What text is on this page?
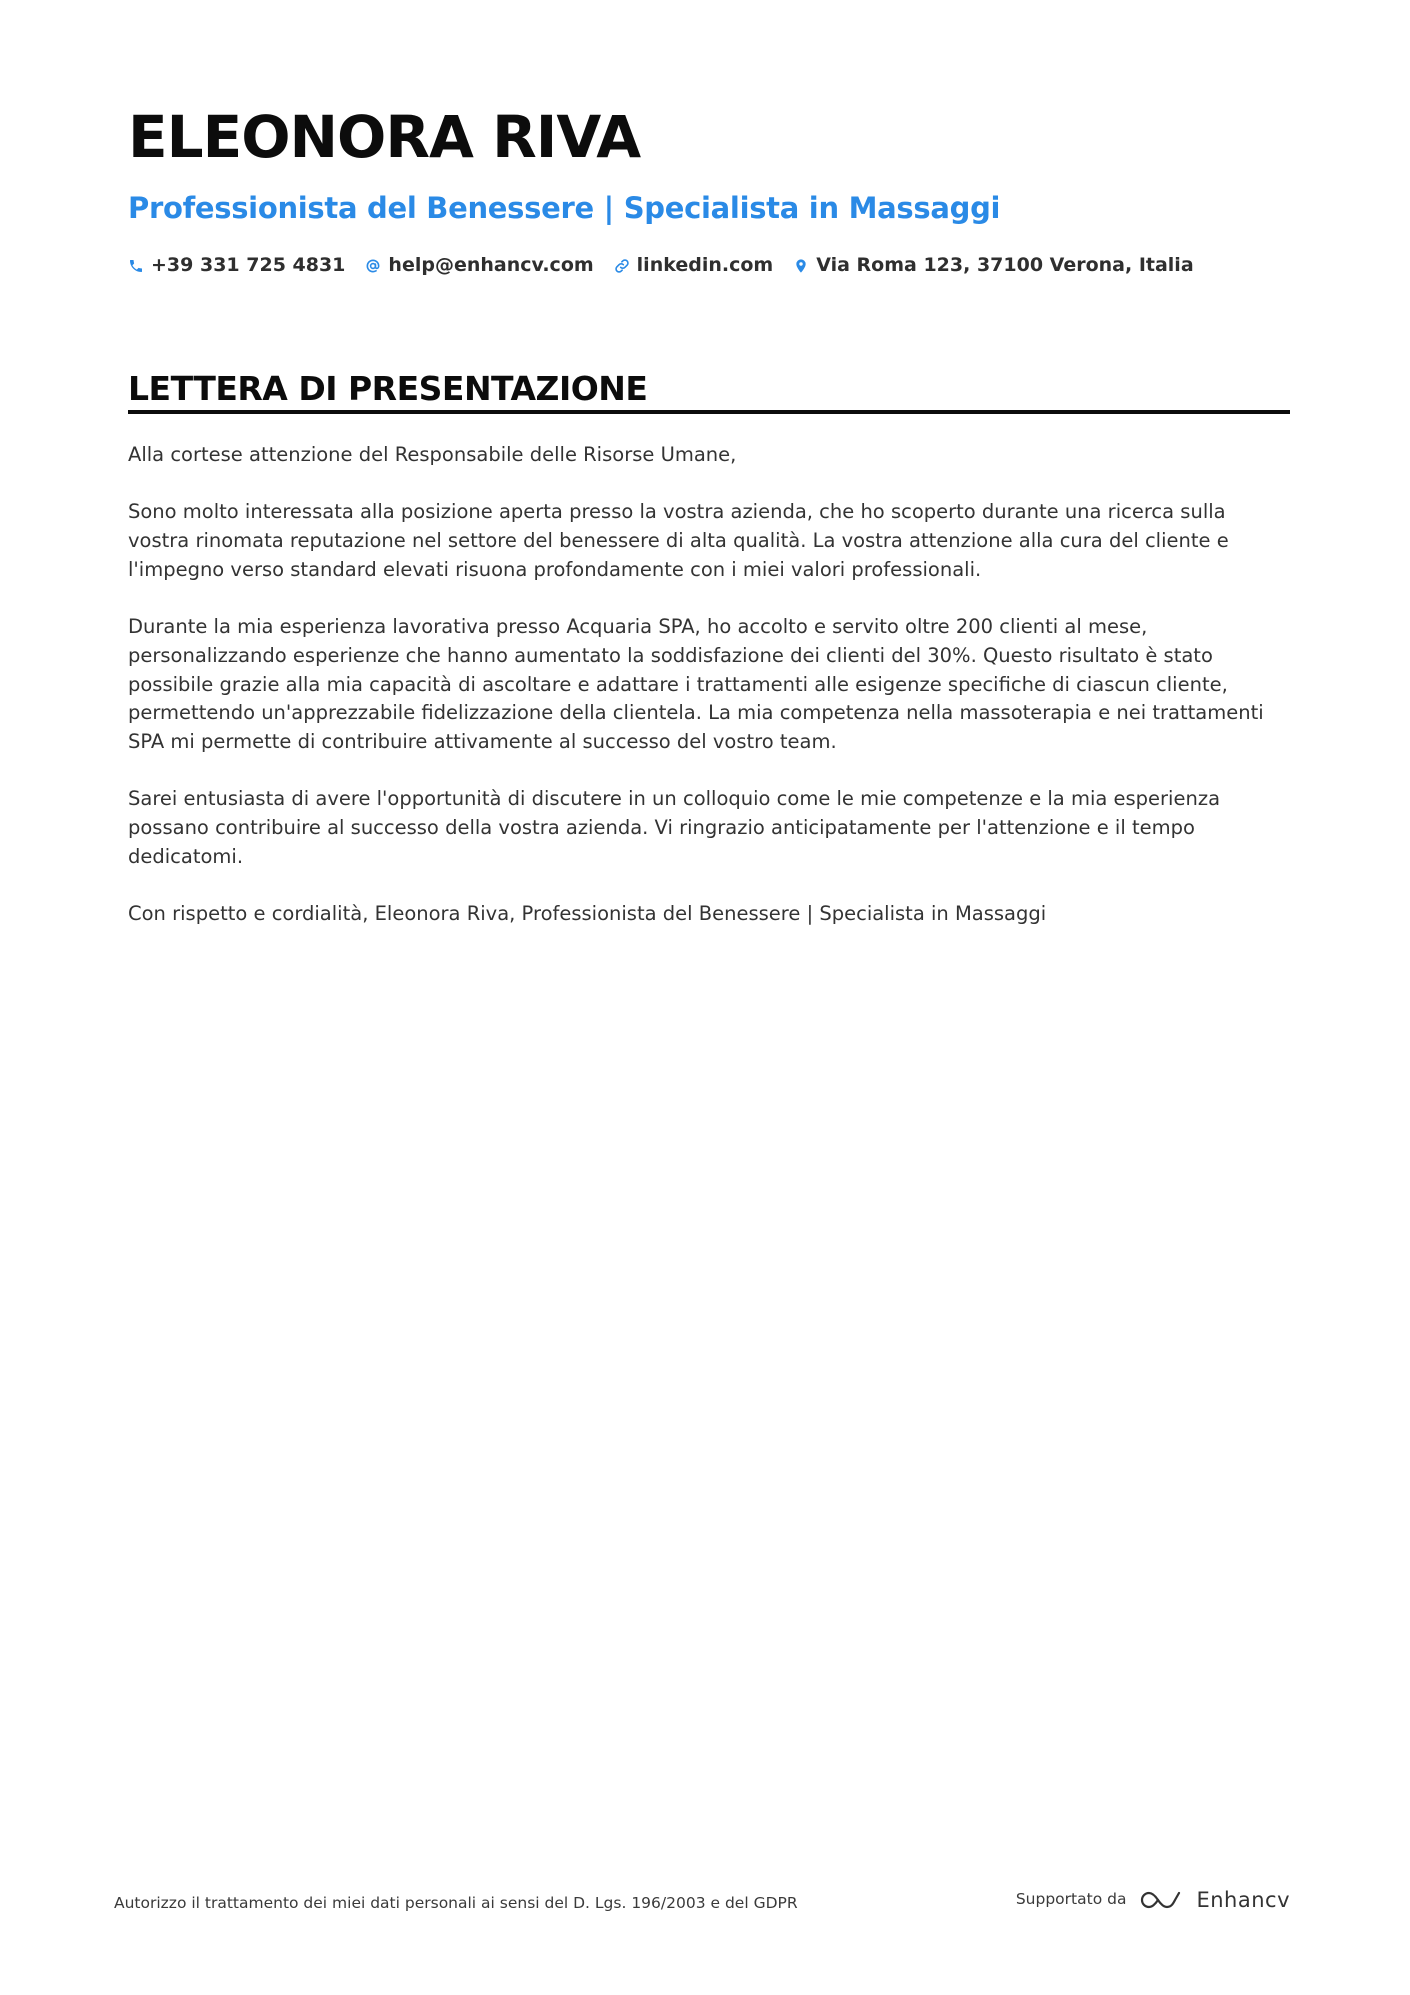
ELEONORA RIVA
Professionista del Benessere | Specialista in Massaggi
+39 331 725 4831 help@enhancv.com linkedin.com Via Roma 123, 37100 Verona, Italia
LETTERA DI PRESENTAZIONE

Alla cortese attenzione del Responsabile delle Risorse Umane,

Sono molto interessata alla posizione aperta presso la vostra azienda, che ho scoperto durante una ricerca sulla vostra rinomata reputazione nel settore del benessere di alta qualità. La vostra attenzione alla cura del cliente e l'impegno verso standard elevati risuona profondamente con i miei valori professionali.

Durante la mia esperienza lavorativa presso Acquaria SPA, ho accolto e servito oltre 200 clienti al mese, personalizzando esperienze che hanno aumentato la soddisfazione dei clienti del 30%. Questo risultato è stato possibile grazie alla mia capacità di ascoltare e adattare i trattamenti alle esigenze specifiche di ciascun cliente, permettendo un'apprezzabile fidelizzazione della clientela. La mia competenza nella massoterapia e nei trattamenti SPA mi permette di contribuire attivamente al successo del vostro team.

Sarei entusiasta di avere l'opportunità di discutere in un colloquio come le mie competenze e la mia esperienza possano contribuire al successo della vostra azienda. Vi ringrazio anticipatamente per l'attenzione e il tempo dedicatomi.

Con rispetto e cordialità, Eleonora Riva, Professionista del Benessere | Specialista in Massaggi

Autorizzo il trattamento dei miei dati personali ai sensi del D. Lgs. 196/2003 e del GDPR	Supportato da	Enhancv
